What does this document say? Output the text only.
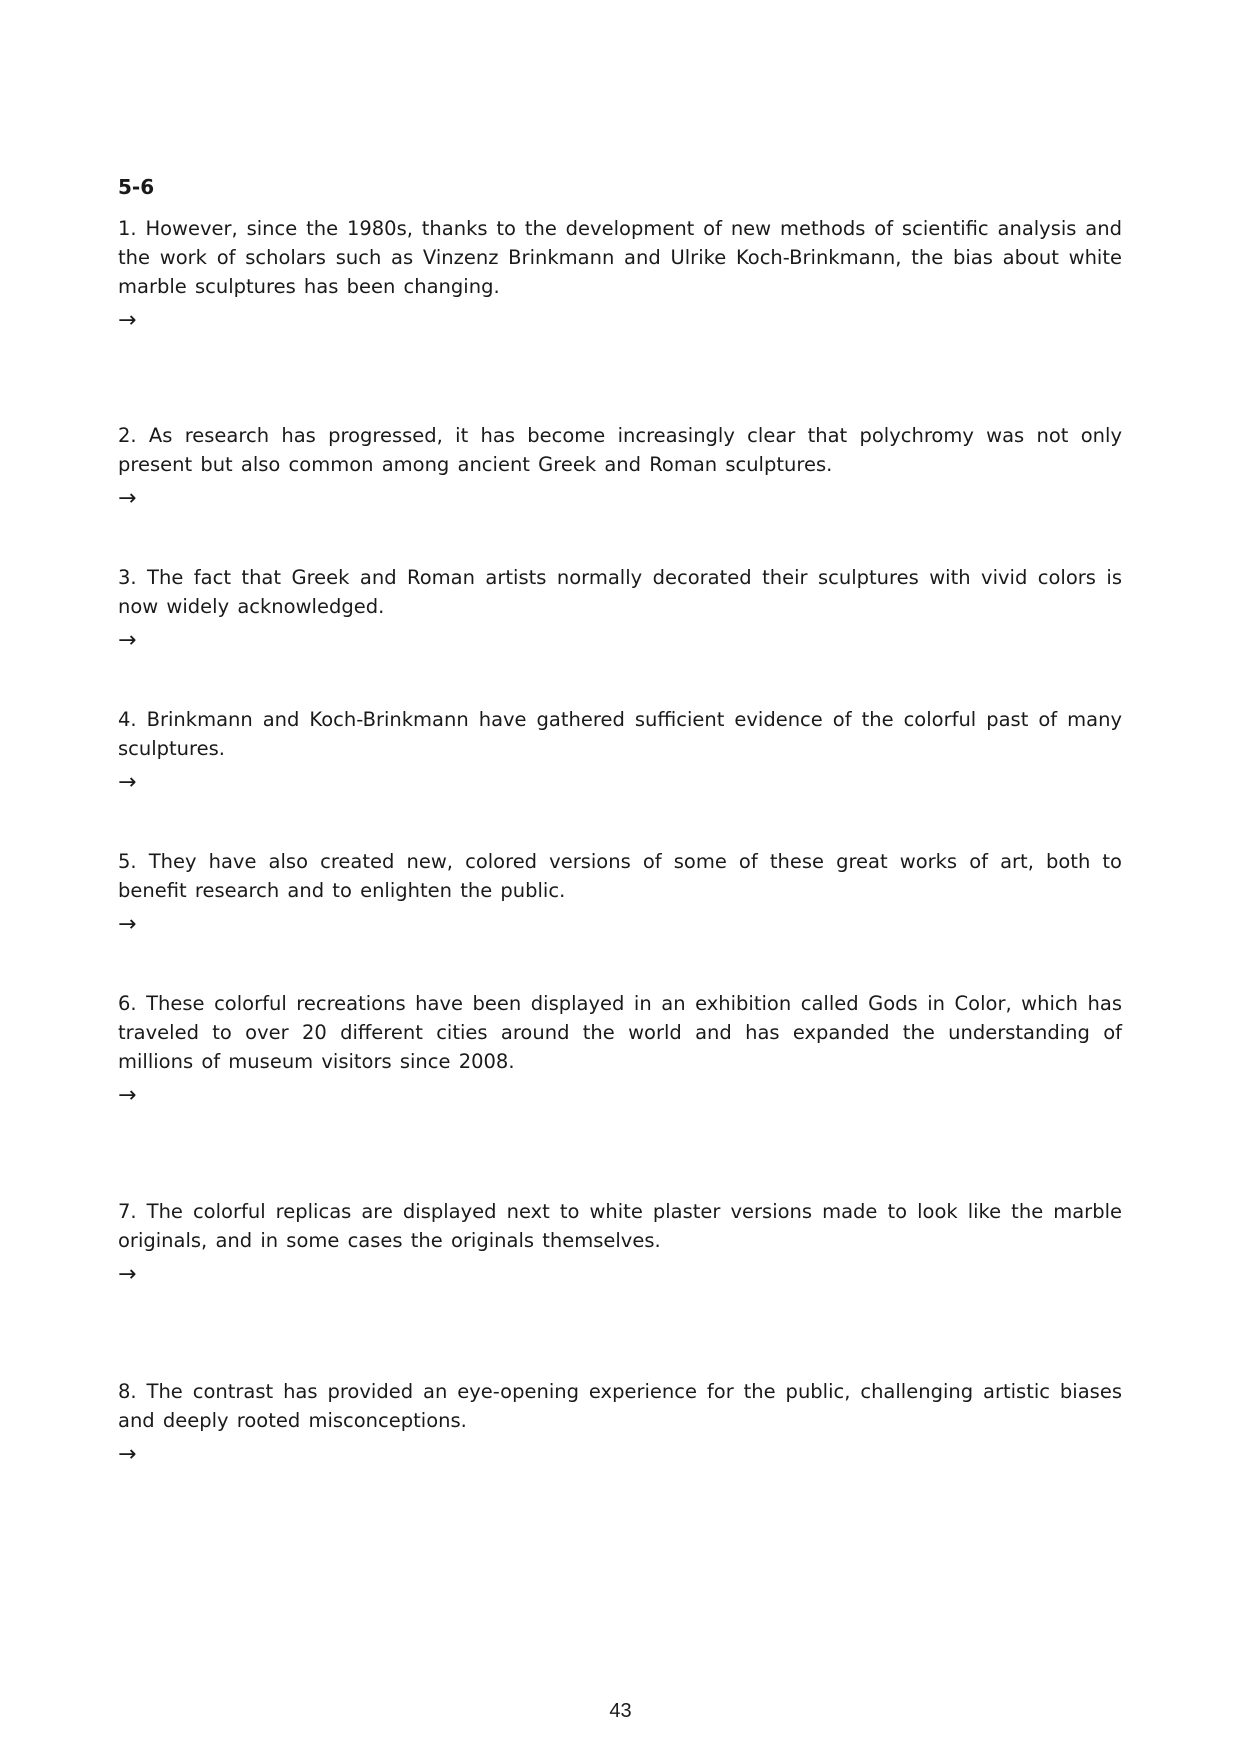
5-6

1. However, since the 1980s, thanks to the development of new methods of scientific analysis and the work of scholars such as Vinzenz Brinkmann and Ulrike Koch-Brinkmann, the bias about white marble sculptures has been changing.

→

2. As research has progressed, it has become increasingly clear that polychromy was not only present but also common among ancient Greek and Roman sculptures.

→

3. The fact that Greek and Roman artists normally decorated their sculptures with vivid colors is now widely acknowledged.

→

4. Brinkmann and Koch-Brinkmann have gathered sufficient evidence of the colorful past of many sculptures.

→

5. They have also created new, colored versions of some of these great works of art, both to benefit research and to enlighten the public.

→

6. These colorful recreations have been displayed in an exhibition called Gods in Color, which has traveled to over 20 different cities around the world and has expanded the understanding of millions of museum visitors since 2008.

→

7. The colorful replicas are displayed next to white plaster versions made to look like the marble originals, and in some cases the originals themselves.

→

8. The contrast has provided an eye-opening experience for the public, challenging artistic biases and deeply rooted misconceptions.

→
43
